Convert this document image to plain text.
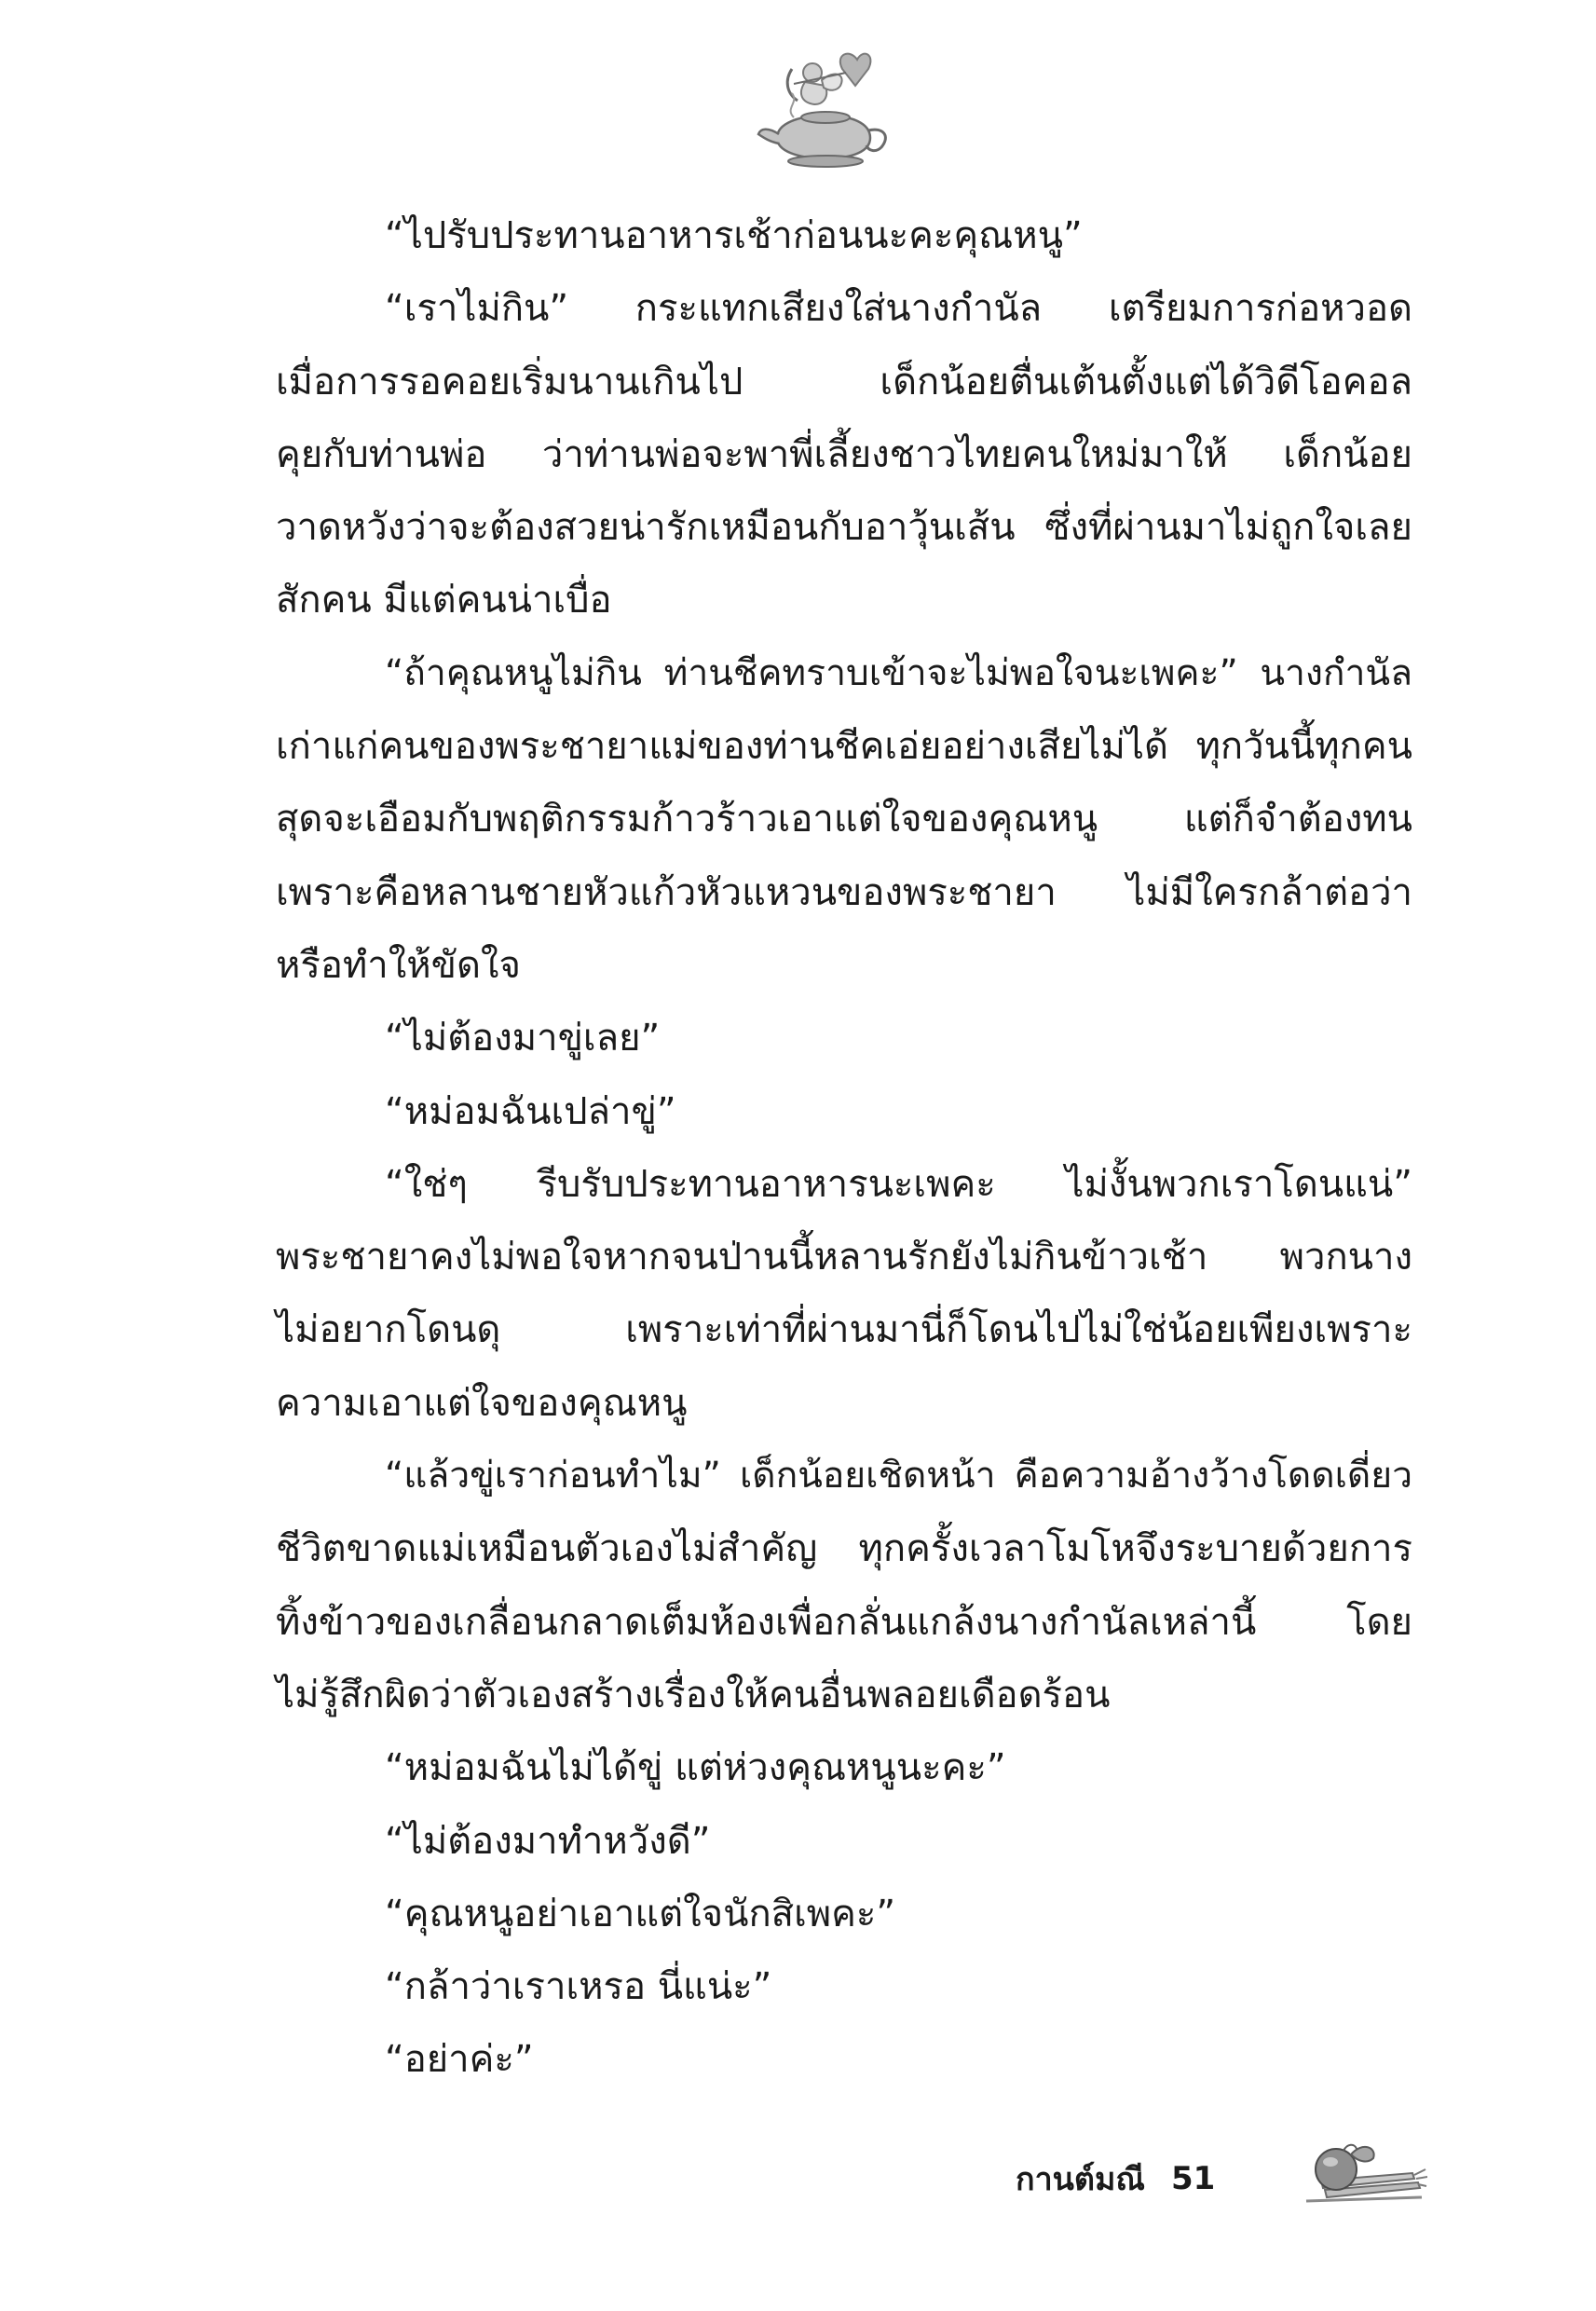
“ไปรับประทานอาหารเช้าก่อนนะคะคุณหนู”
“เราไม่กิน” กระแทกเสียงใส่นางกำนัล เตรียมการก่อหวอด
เมื่อการรอคอยเริ่มนานเกินไป เด็กน้อยตื่นเต้นตั้งแต่ได้วิดีโอคอล
คุยกับท่านพ่อ ว่าท่านพ่อจะพาพี่เลี้ยงชาวไทยคนใหม่มาให้ เด็กน้อย
วาดหวังว่าจะต้องสวยน่ารักเหมือนกับอาวุ้นเส้น ซึ่งที่ผ่านมาไม่ถูกใจเลย
สักคน มีแต่คนน่าเบื่อ
“ถ้าคุณหนูไม่กิน ท่านชีคทราบเข้าจะไม่พอใจนะเพคะ” นางกำนัล
เก่าแก่คนของพระชายาแม่ของท่านชีคเอ่ยอย่างเสียไม่ได้ ทุกวันนี้ทุกคน
สุดจะเอือมกับพฤติกรรมก้าวร้าวเอาแต่ใจของคุณหนู แต่ก็จำต้องทน
เพราะคือหลานชายหัวแก้วหัวแหวนของพระชายา ไม่มีใครกล้าต่อว่า
หรือทำให้ขัดใจ
“ไม่ต้องมาขู่เลย”
“หม่อมฉันเปล่าขู่”
“ใช่ๆ รีบรับประทานอาหารนะเพคะ ไม่งั้นพวกเราโดนแน่”
พระชายาคงไม่พอใจหากจนป่านนี้หลานรักยังไม่กินข้าวเช้า พวกนาง
ไม่อยากโดนดุ เพราะเท่าที่ผ่านมานี่ก็โดนไปไม่ใช่น้อยเพียงเพราะ
ความเอาแต่ใจของคุณหนู
“แล้วขู่เราก่อนทำไม” เด็กน้อยเชิดหน้า คือความอ้างว้างโดดเดี่ยว
ชีวิตขาดแม่เหมือนตัวเองไม่สำคัญ ทุกครั้งเวลาโมโหจึงระบายด้วยการ
ทิ้งข้าวของเกลื่อนกลาดเต็มห้องเพื่อกลั่นแกล้งนางกำนัลเหล่านี้ โดย
ไม่รู้สึกผิดว่าตัวเองสร้างเรื่องให้คนอื่นพลอยเดือดร้อน
“หม่อมฉันไม่ได้ขู่ แต่ห่วงคุณหนูนะคะ”
“ไม่ต้องมาทำหวังดี”
“คุณหนูอย่าเอาแต่ใจนักสิเพคะ”
“กล้าว่าเราเหรอ นี่แน่ะ”
“อย่าค่ะ”
กานต์มณี 51
